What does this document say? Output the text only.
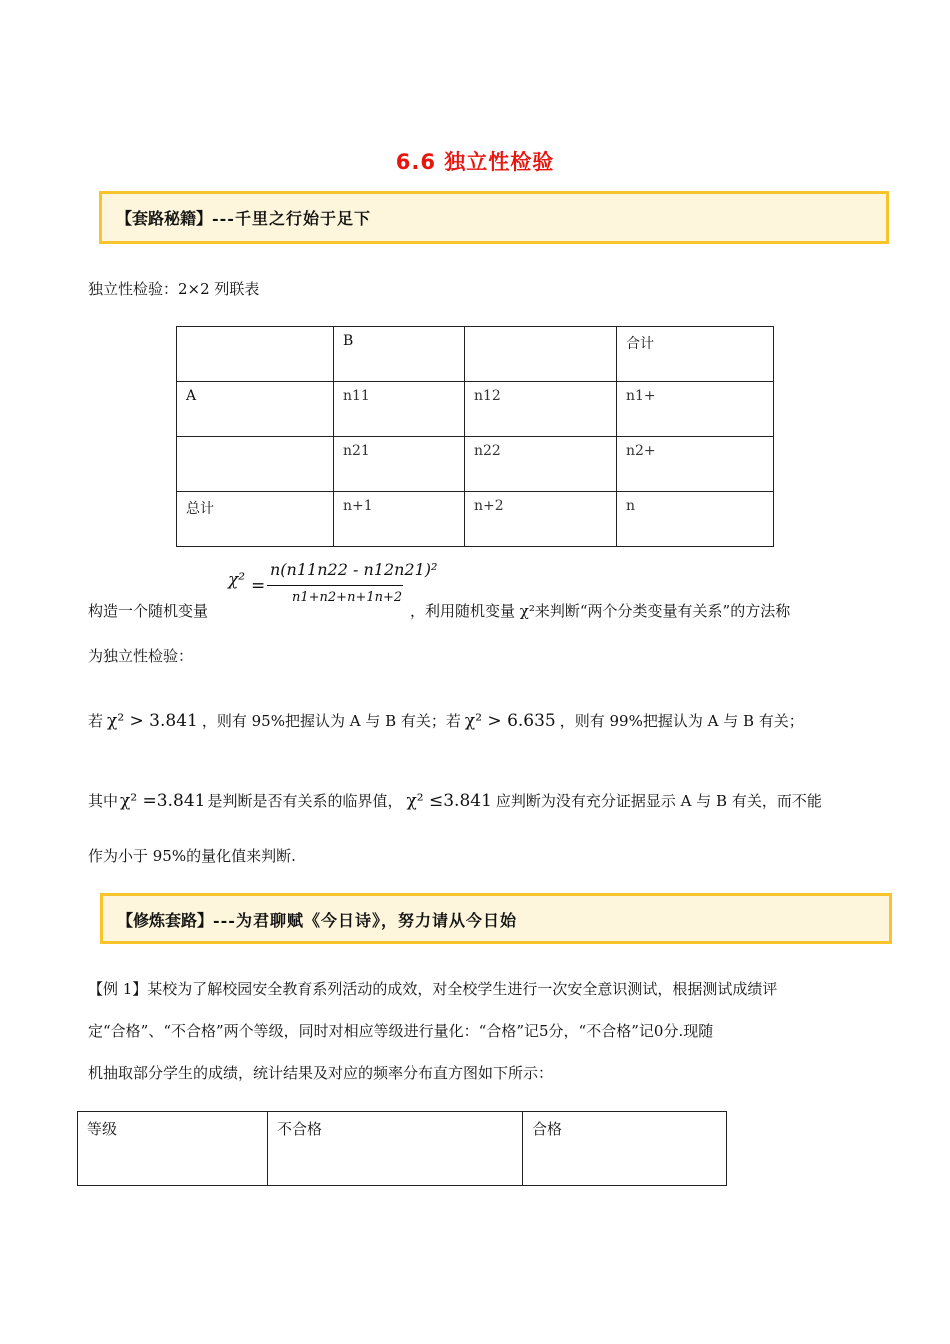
6.6 独立性检验
【套路秘籍】---千里之行始于足下
独立性检验：2×2 列联表
	B		合计
A	n11	n12	n1+
	n21	n22	n2+
总计	n+1	n+2	n
χ² =
n(n11n22 - n12n21)²
n1+n2+n+1n+2
构造一个随机变量	，利用随机变量 χ²来判断“两个分类变量有关系”的方法称
为独立性检验：
若 χ² > 3.841 ，则有 95%把握认为 A 与 B 有关；若 χ² > 6.635 ，则有 99%把握认为 A 与 B 有关；
其中 χ² =3.841 是判断是否有关系的临界值， χ² ≤3.841 应判断为没有充分证据显示 A 与 B 有关，而不能
作为小于 95%的量化值来判断.
【修炼套路】---为君聊赋《今日诗》，努力请从今日始
【例 1】某校为了解校园安全教育系列活动的成效，对全校学生进行一次安全意识测试，根据测试成绩评
定“合格”、“不合格”两个等级，同时对相应等级进行量化：“合格”记5分，“不合格”记0分.现随
机抽取部分学生的成绩，统计结果及对应的频率分布直方图如下所示：
等级	不合格	合格
